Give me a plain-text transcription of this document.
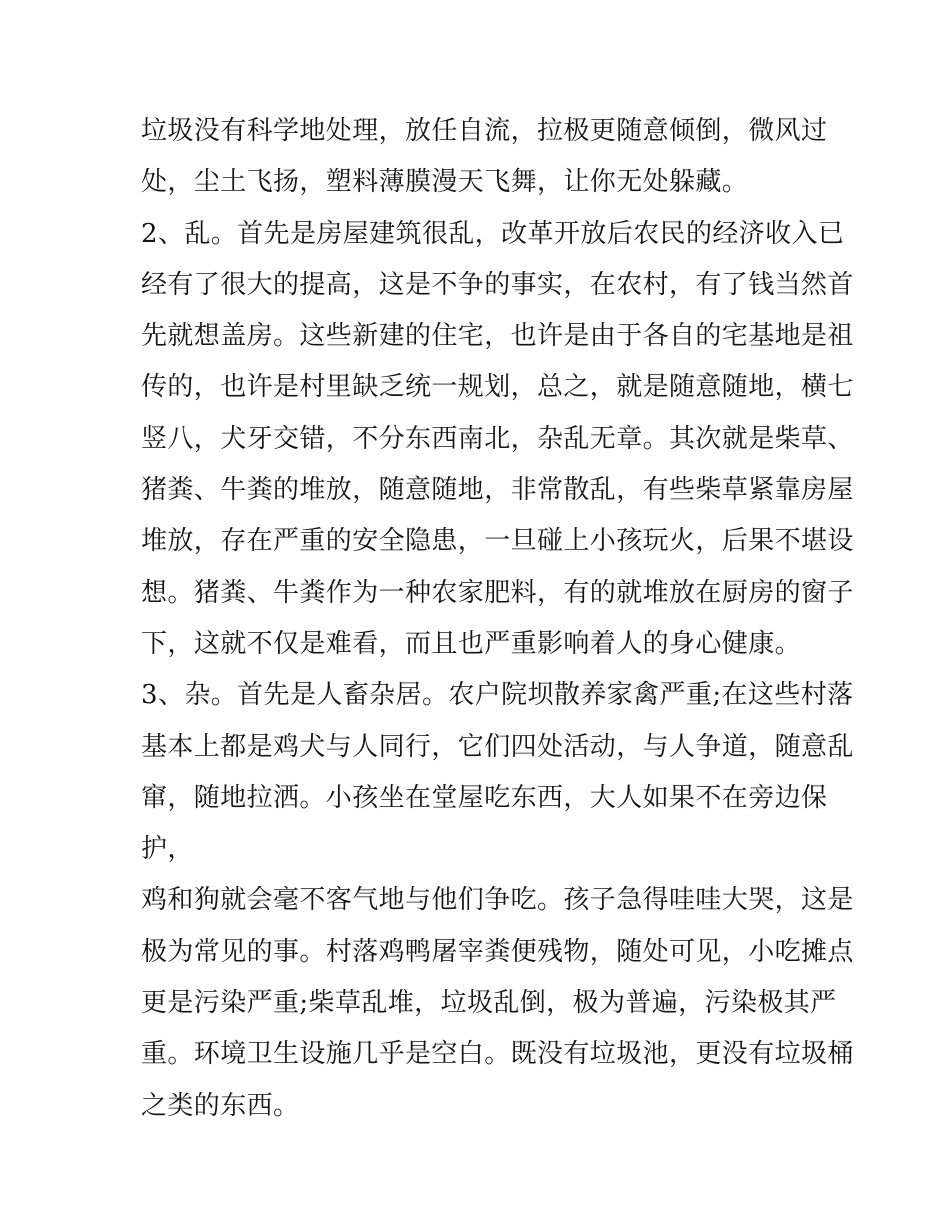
垃圾没有科学地处理，放任自流，拉极更随意倾倒，微风过
处，尘土飞扬，塑料薄膜漫天飞舞，让你无处躲藏。
2、乱。首先是房屋建筑很乱，改革开放后农民的经济收入已
经有了很大的提高，这是不争的事实，在农村，有了钱当然首
先就想盖房。这些新建的住宅，也许是由于各自的宅基地是祖
传的，也许是村里缺乏统一规划，总之，就是随意随地，横七
竖八，犬牙交错，不分东西南北，杂乱无章。其次就是柴草、
猪粪、牛粪的堆放，随意随地，非常散乱，有些柴草紧靠房屋
堆放，存在严重的安全隐患，一旦碰上小孩玩火，后果不堪设
想。猪粪、牛粪作为一种农家肥料，有的就堆放在厨房的窗子
下，这就不仅是难看，而且也严重影响着人的身心健康。
3、杂。首先是人畜杂居。农户院坝散养家禽严重;在这些村落
基本上都是鸡犬与人同行，它们四处活动，与人争道，随意乱
窜，随地拉洒。小孩坐在堂屋吃东西，大人如果不在旁边保
护，
鸡和狗就会毫不客气地与他们争吃。孩子急得哇哇大哭，这是
极为常见的事。村落鸡鸭屠宰粪便残物，随处可见，小吃摊点
更是污染严重;柴草乱堆，垃圾乱倒，极为普遍，污染极其严
重。环境卫生设施几乎是空白。既没有垃圾池，更没有垃圾桶
之类的东西。
